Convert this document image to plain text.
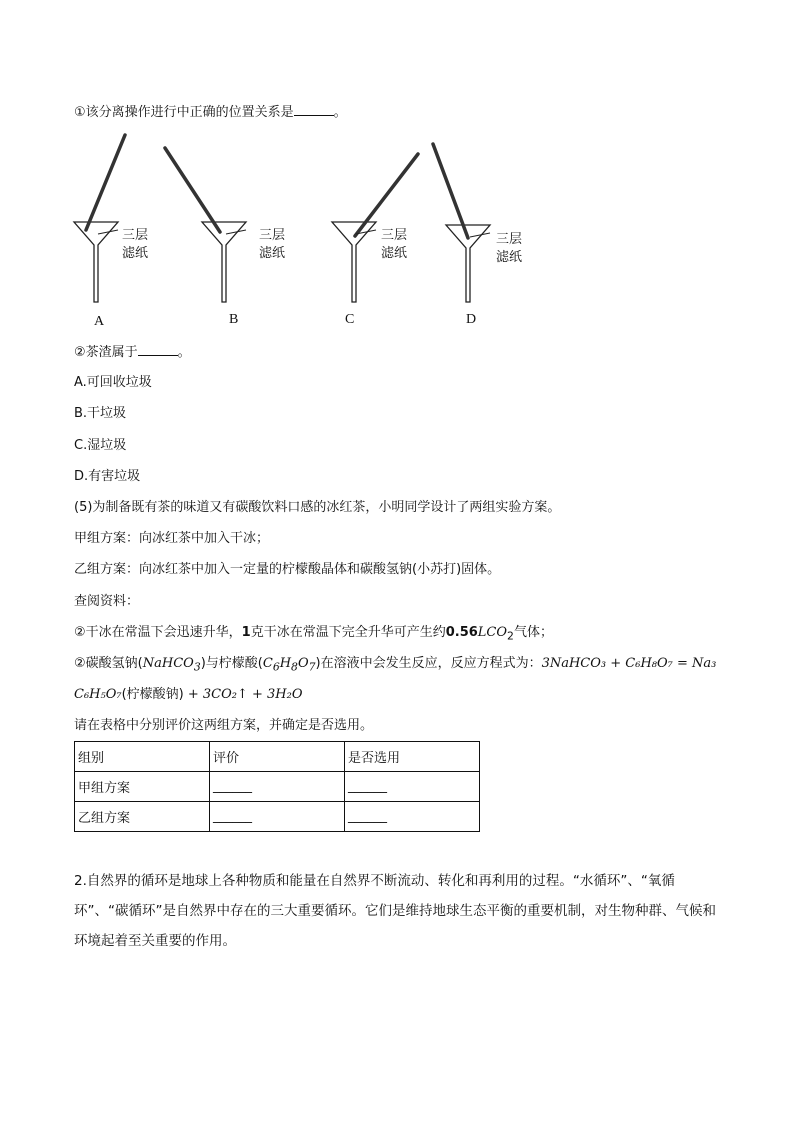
①该分离操作进行中正确的位置关系是	。
三层
滤纸
三层
滤纸
三层
滤纸
三层
滤纸
A	B	C	D
②茶渣属于	。
A.可回收垃圾
B.干垃圾
C.湿垃圾
D.有害垃圾
(5)为制备既有茶的味道又有碳酸饮料口感的冰红茶，小明同学设计了两组实验方案。
甲组方案：向冰红茶中加入干冰；
乙组方案：向冰红茶中加入一定量的柠檬酸晶体和碳酸氢钠(小苏打)固体。
查阅资料：
②干冰在常温下会迅速升华，1克干冰在常温下完全升华可产生约$0.56LCO_2$气体；
②碳酸氢钠(NaHCO$_3$)与柠檬酸$(C_6H_8O_7)$在溶液中会发生反应，反应方程式为：3NaHCO₃ + C₆H₈O₇ = Na₃
C₆H₅O₇(柠檬酸钠) + 3CO₂↑ + 3H₂O
请在表格中分别评价这两组方案，并确定是否选用。
组别	评价	是否选用
甲组方案	______	______
乙组方案	______	______
2.自然界的循环是地球上各种物质和能量在自然界不断流动、转化和再利用的过程。“水循环”、“氧循环”、“碳循环”是自然界中存在的三大重要循环。它们是维持地球生态平衡的重要机制，对生物种群、气候和环境起着至关重要的作用。
